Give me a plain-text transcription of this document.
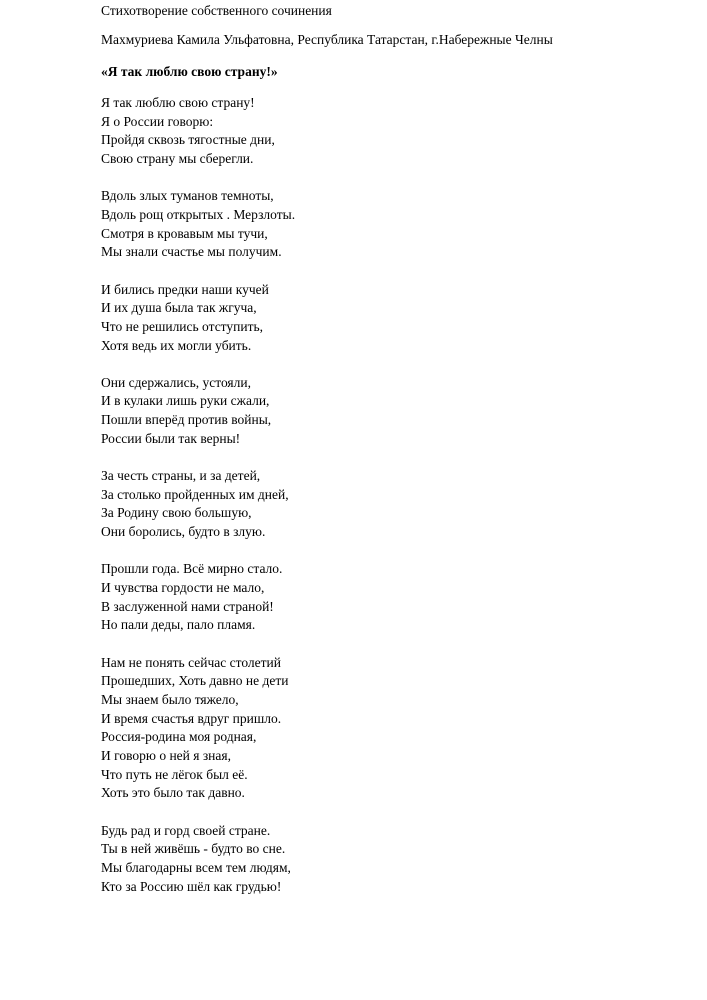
Стихотворение собственного сочинения
Махмуриева Камила Ульфатовна, Республика Татарстан, г.Набережные Челны
«Я так люблю свою страну!»
Я так люблю свою страну!
Я о России говорю:
Пройдя сквозь тягостные дни,
Свою страну мы сберегли.
Вдоль злых туманов темноты,
Вдоль рощ открытых . Мерзлоты.
Смотря в кровавым мы тучи,
Мы знали счастье мы получим.
И бились предки наши кучей
И их душа была так жгуча,
Что не решились отступить,
Хотя ведь их могли убить.
Они сдержались, устояли,
И в кулаки лишь руки сжали,
Пошли вперёд против войны,
России были так верны!
За честь страны, и за детей,
За столько пройденных им дней,
За Родину свою большую,
Они боролись, будто в злую.
Прошли года. Всё мирно стало.
И чувства гордости не мало,
В заслуженной нами страной!
Но пали деды, пало пламя.
Нам не понять сейчас столетий
Прошедших, Хоть давно не дети
Мы знаем было тяжело,
И время счастья вдруг пришло.
Россия-родина моя родная,
И говорю о ней я зная,
Что путь не лёгок был её.
Хоть это было так давно.
Будь рад и горд своей стране.
Ты в ней живёшь - будто во сне.
Мы благодарны всем тем людям,
Кто за Россию шёл как грудью!
